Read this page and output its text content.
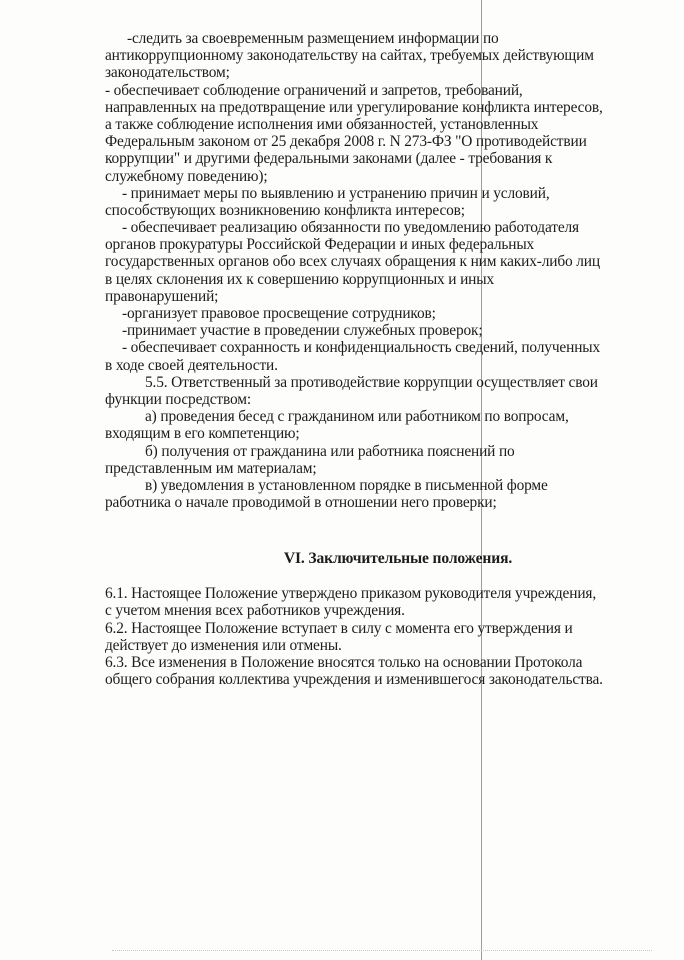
-следить за своевременным размещением информации по
антикоррупционному законодательству на сайтах, требуемых действующим
законодательством;
- обеспечивает соблюдение ограничений и запретов, требований,
направленных на предотвращение или урегулирование конфликта интересов,
а также соблюдение исполнения ими обязанностей, установленных
Федеральным законом от 25 декабря 2008 г. N 273-ФЗ "О противодействии
коррупции" и другими федеральными законами (далее - требования к
служебному поведению);
- принимает меры по выявлению и устранению причин и условий,
способствующих возникновению конфликта интересов;
- обеспечивает реализацию обязанности по уведомлению работодателя
органов прокуратуры Российской Федерации и иных федеральных
государственных органов обо всех случаях обращения к ним каких-либо лиц
в целях склонения их к совершению коррупционных и иных
правонарушений;
-организует правовое просвещение сотрудников;
-принимает участие в проведении служебных проверок;
- обеспечивает сохранность и конфиденциальность сведений, полученных
в ходе своей деятельности.
5.5. Ответственный за противодействие коррупции осуществляет свои
функции посредством:
а) проведения бесед с гражданином или работником по вопросам,
входящим в его компетенцию;
б) получения от гражданина или работника пояснений по
представленным им материалам;
в) уведомления в установленном порядке в письменной форме
работника о начале проводимой в отношении него проверки;
VI. Заключительные положения.
6.1. Настоящее Положение утверждено приказом руководителя учреждения,
с учетом мнения всех работников учреждения.
6.2. Настоящее Положение вступает в силу с момента его утверждения и
действует до изменения или отмены.
6.3. Все изменения в Положение вносятся только на основании Протокола
общего собрания коллектива учреждения и изменившегося законодательства.
